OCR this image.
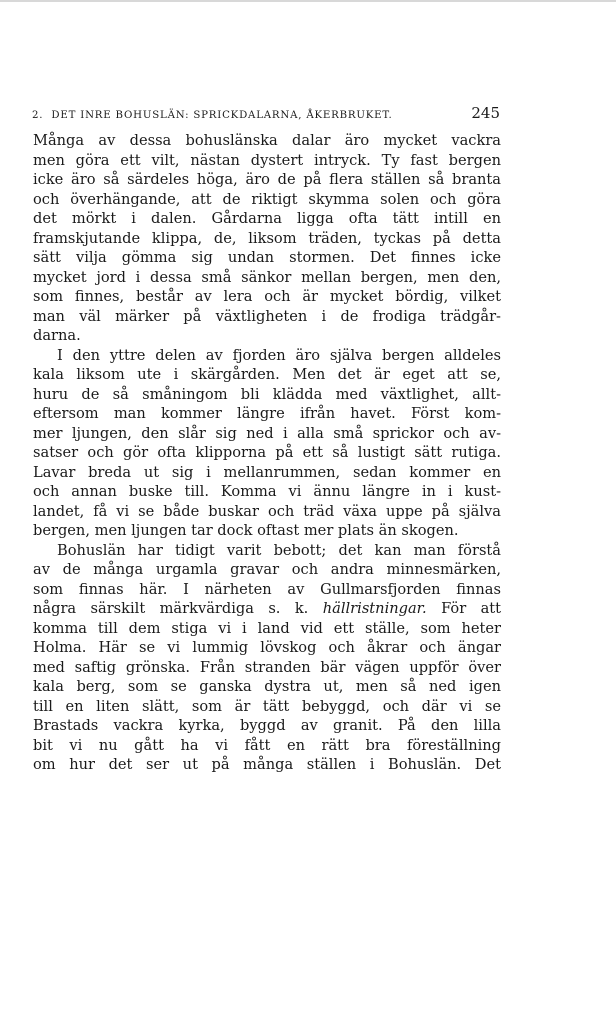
2. DET INRE BOHUSLÄN: SPRICKDALARNA, ÅKERBRUKET.	245
Många av dessa bohuslänska dalar äro mycket vackra
men göra ett vilt, nästan dystert intryck. Ty fast bergen
icke äro så särdeles höga, äro de på flera ställen så branta
och överhängande, att de riktigt skymma solen och göra
det mörkt i dalen. Gårdarna ligga ofta tätt intill en
framskjutande klippa, de, liksom träden, tyckas på detta
sätt vilja gömma sig undan stormen. Det finnes icke
mycket jord i dessa små sänkor mellan bergen, men den,
som finnes, består av lera och är mycket bördig, vilket
man väl märker på växtligheten i de frodiga trädgår-
darna.
I den yttre delen av fjorden äro själva bergen alldeles
kala liksom ute i skärgården. Men det är eget att se,
huru de så småningom bli klädda med växtlighet, allt-
eftersom man kommer längre ifrån havet. Först kom-
mer ljungen, den slår sig ned i alla små sprickor och av-
satser och gör ofta klipporna på ett så lustigt sätt rutiga.
Lavar breda ut sig i mellanrummen, sedan kommer en
och annan buske till. Komma vi ännu längre in i kust-
landet, få vi se både buskar och träd växa uppe på själva
bergen, men ljungen tar dock oftast mer plats än skogen.
Bohuslän har tidigt varit bebott; det kan man förstå
av de många urgamla gravar och andra minnesmärken,
som finnas här. I närheten av Gullmarsfjorden finnas
några särskilt märkvärdiga s. k. hällristningar. För att
komma till dem stiga vi i land vid ett ställe, som heter
Holma. Här se vi lummig lövskog och åkrar och ängar
med saftig grönska. Från stranden bär vägen uppför över
kala berg, som se ganska dystra ut, men så ned igen
till en liten slätt, som är tätt bebyggd, och där vi se
Brastads vackra kyrka, byggd av granit. På den lilla
bit vi nu gått ha vi fått en rätt bra föreställning
om hur det ser ut på många ställen i Bohuslän. Det
